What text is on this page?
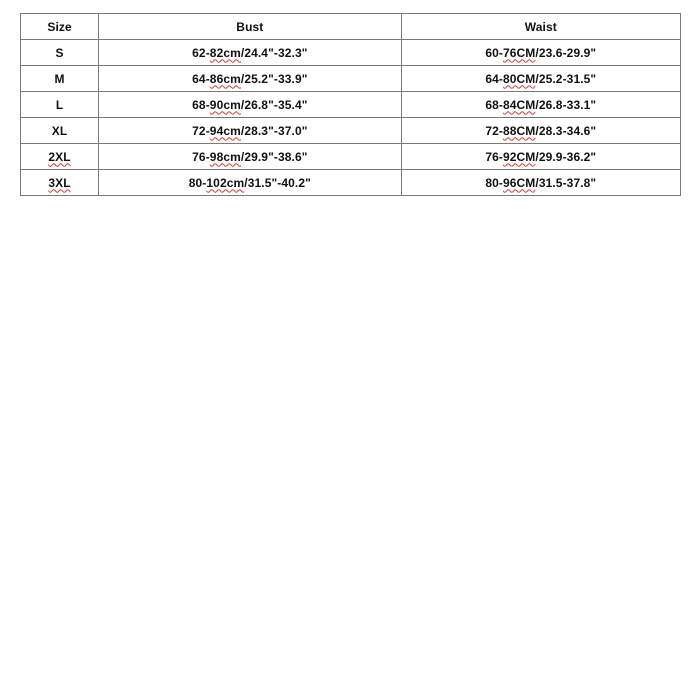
Size	Bust	Waist
S	62-82cm/24.4"-32.3"	60-76CM/23.6-29.9"
M	64-86cm/25.2"-33.9"	64-80CM/25.2-31.5"
L	68-90cm/26.8"-35.4"	68-84CM/26.8-33.1"
XL	72-94cm/28.3"-37.0"	72-88CM/28.3-34.6"
2XL	76-98cm/29.9"-38.6"	76-92CM/29.9-36.2"
3XL	80-102cm/31.5"-40.2"	80-96CM/31.5-37.8"
